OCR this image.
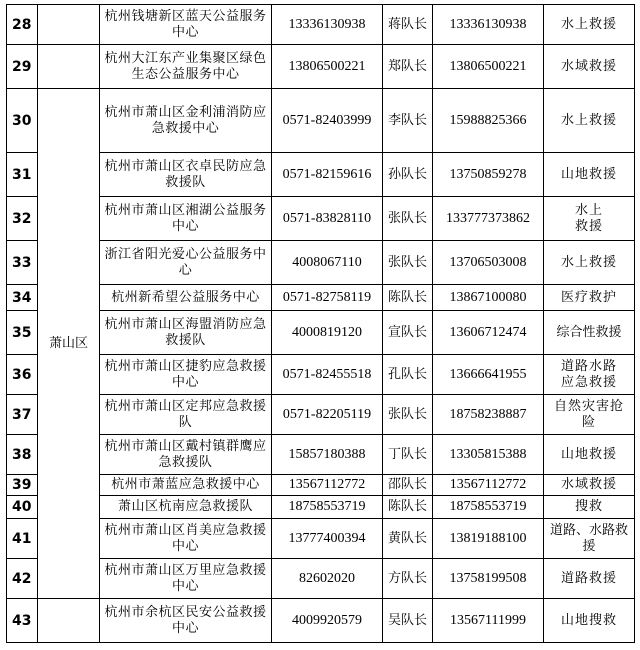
28		杭州钱塘新区蓝天公益服务中心	13336130938	蒋队长	13336130938	水上救援

29		杭州大江东产业集聚区绿色生态公益服务中心	13806500221	郑队长	13806500221	水域救援

30	萧山区	杭州市萧山区金利浦消防应急救援中心	0571-82403999	李队长	15988825366	水上救援

31		杭州市萧山区衣卓民防应急救援队	0571-82159616	孙队长	13750859278	山地救援

32		杭州市萧山区湘湖公益服务中心	0571-83828110	张队长	133777373862	水上救援

33		浙江省阳光爱心公益服务中心	4008067110	张队长	13706503008	水上救援

34		杭州新希望公益服务中心	0571-82758119	陈队长	13867100080	医疗救护

35		杭州市萧山区海盟消防应急救援队	4000819120	宣队长	13606712474	综合性救援

36		杭州市萧山区捷豹应急救援中心	0571-82455518	孔队长	13666641955	道路水路应急救援

37		杭州市萧山区定邦应急救援队	0571-82205119	张队长	18758238887	自然灾害抢险

38		杭州市萧山区戴村镇群鹰应急救援队	15857180388	丁队长	13305815388	山地救援

39		杭州市萧蓝应急救援中心	13567112772	邵队长	13567112772	水域救援

40		萧山区杭南应急救援队	18758553719	陈队长	18758553719	搜救

41		杭州市萧山区肖美应急救援中心	13777400394	黄队长	13819188100	道路、水路救援

42		杭州市萧山区万里应急救援中心	82602020	方队长	13758199508	道路救援

43		杭州市余杭区民安公益救援中心	4009920579	吴队长	13567111999	山地搜救
